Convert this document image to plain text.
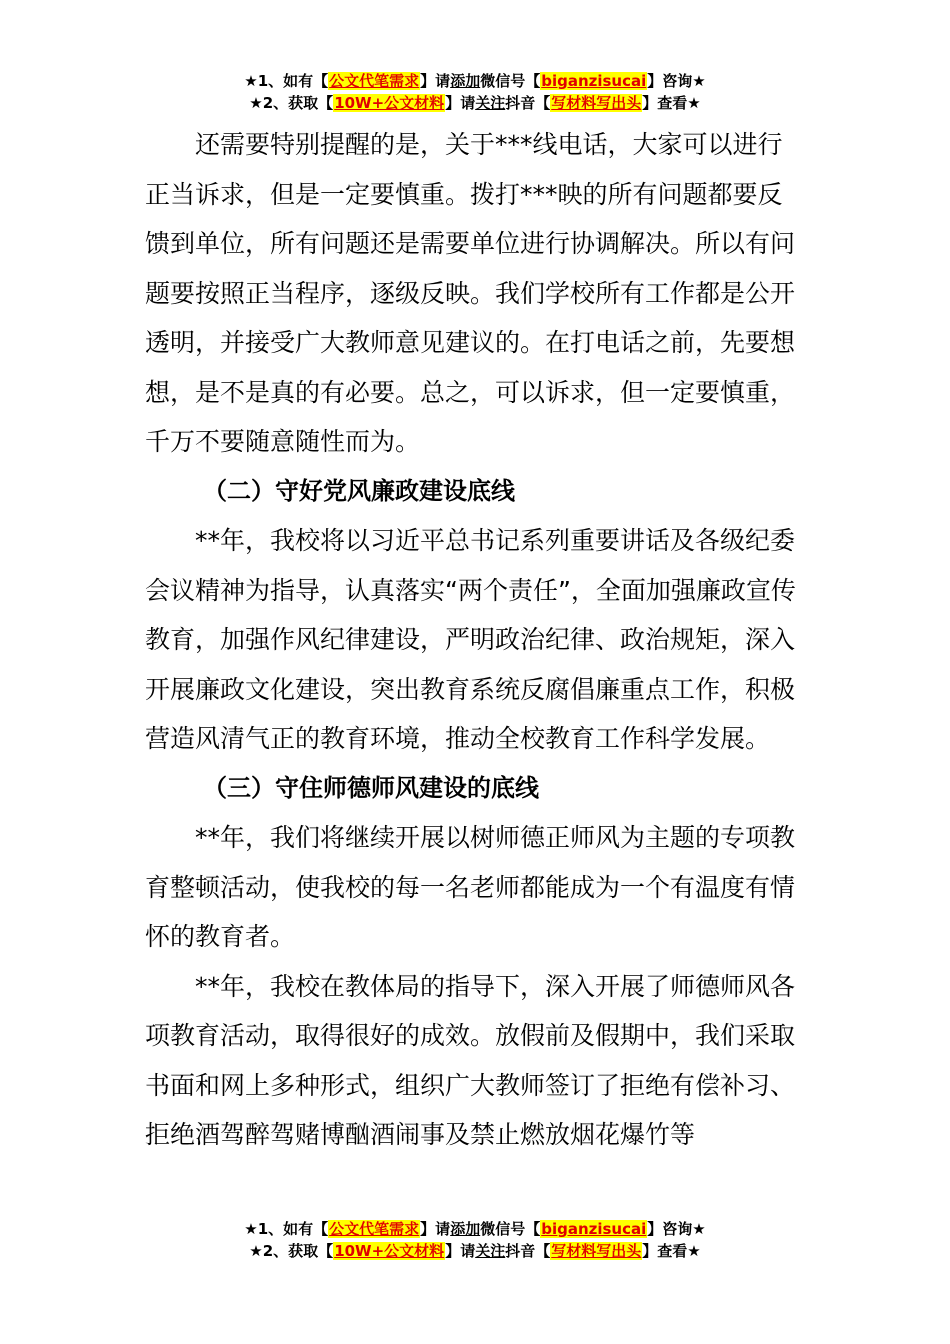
★1、如有【公文代笔需求】请添加微信号【biganzisucai】咨询★
★2、获取【10W+公文材料】请关注抖音【写材料写出头】查看★

还需要特别提醒的是，关于***线电话，大家可以进行正当诉求，但是一定要慎重。拨打***映的所有问题都要反馈到单位，所有问题还是需要单位进行协调解决。所以有问题要按照正当程序，逐级反映。我们学校所有工作都是公开透明，并接受广大教师意见建议的。在打电话之前，先要想想，是不是真的有必要。总之，可以诉求，但一定要慎重，千万不要随意随性而为。

（二）守好党风廉政建设底线

**年，我校将以习近平总书记系列重要讲话及各级纪委会议精神为指导，认真落实“两个责任”，全面加强廉政宣传教育，加强作风纪律建设，严明政治纪律、政治规矩，深入开展廉政文化建设，突出教育系统反腐倡廉重点工作，积极营造风清气正的教育环境，推动全校教育工作科学发展。

（三）守住师德师风建设的底线

**年，我们将继续开展以树师德正师风为主题的专项教育整顿活动，使我校的每一名老师都能成为一个有温度有情怀的教育者。

**年，我校在教体局的指导下，深入开展了师德师风各项教育活动，取得很好的成效。放假前及假期中，我们采取书面和网上多种形式，组织广大教师签订了拒绝有偿补习、拒绝酒驾醉驾赌博酗酒闹事及禁止燃放烟花爆竹等

★1、如有【公文代笔需求】请添加微信号【biganzisucai】咨询★
★2、获取【10W+公文材料】请关注抖音【写材料写出头】查看★
